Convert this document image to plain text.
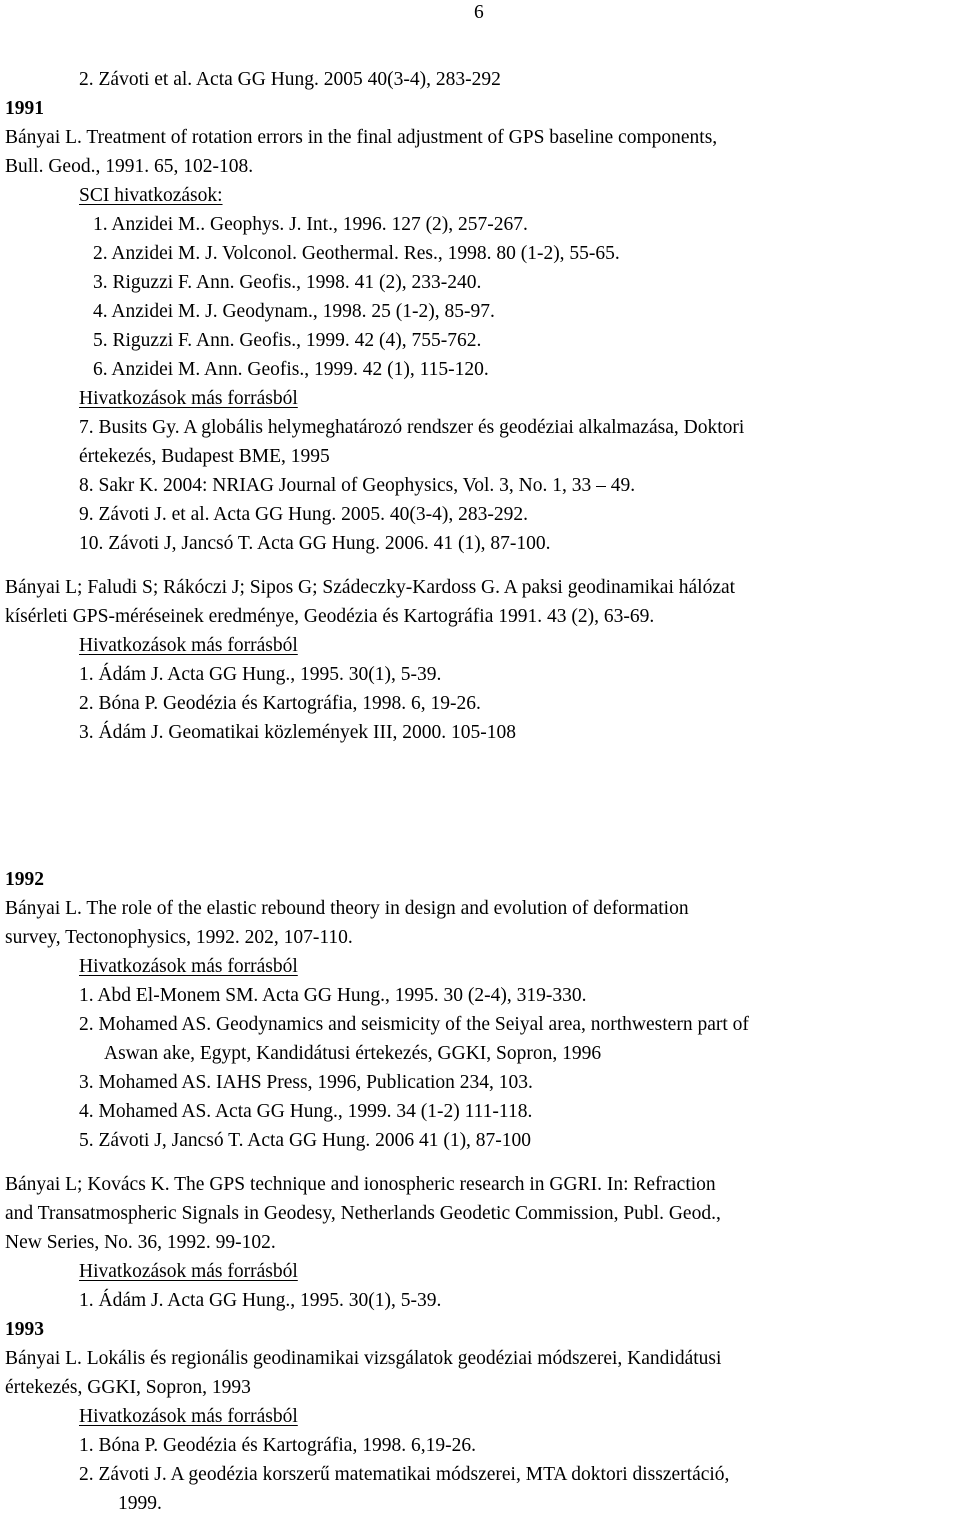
6
2. Závoti et al. Acta GG Hung. 2005 40(3-4), 283-292
1991
Bányai L. Treatment of rotation errors in the final adjustment of GPS baseline components,
Bull. Geod., 1991. 65, 102-108.
SCI hivatkozások:
1. Anzidei M.. Geophys. J. Int., 1996. 127 (2), 257-267.
2. Anzidei M. J. Volconol. Geothermal. Res., 1998. 80 (1-2), 55-65.
3. Riguzzi F. Ann. Geofis., 1998. 41 (2), 233-240.
4. Anzidei M. J. Geodynam., 1998. 25 (1-2), 85-97.
5. Riguzzi F. Ann. Geofis., 1999. 42 (4), 755-762.
6. Anzidei M. Ann. Geofis., 1999. 42 (1), 115-120.
Hivatkozások más forrásból
7. Busits Gy. A globális helymeghatározó rendszer és geodéziai alkalmazása, Doktori
értekezés, Budapest BME, 1995
8. Sakr K. 2004: NRIAG Journal of Geophysics, Vol. 3, No. 1, 33 – 49.
9. Závoti J. et al. Acta GG Hung. 2005. 40(3-4), 283-292.
10. Závoti J, Jancsó T. Acta GG Hung. 2006. 41 (1), 87-100.
Bányai L; Faludi S; Rákóczi J; Sipos G; Szádeczky-Kardoss G. A paksi geodinamikai hálózat
kísérleti GPS-méréseinek eredménye, Geodézia és Kartográfia 1991. 43 (2), 63-69.
Hivatkozások más forrásból
1. Ádám J. Acta GG Hung., 1995. 30(1), 5-39.
2. Bóna P. Geodézia és Kartográfia, 1998. 6, 19-26.
3. Ádám J. Geomatikai közlemények III, 2000. 105-108
1992
Bányai L. The role of the elastic rebound theory in design and evolution of deformation
survey, Tectonophysics, 1992. 202, 107-110.
Hivatkozások más forrásból
1. Abd El-Monem SM. Acta GG Hung., 1995. 30 (2-4), 319-330.
2. Mohamed AS. Geodynamics and seismicity of the Seiyal area, northwestern part of
Aswan ake, Egypt, Kandidátusi értekezés, GGKI, Sopron, 1996
3. Mohamed AS. IAHS Press, 1996, Publication 234, 103.
4. Mohamed AS. Acta GG Hung., 1999. 34 (1-2) 111-118.
5. Závoti J, Jancsó T. Acta GG Hung. 2006 41 (1), 87-100
Bányai L; Kovács K. The GPS technique and ionospheric research in GGRI. In: Refraction
and Transatmospheric Signals in Geodesy, Netherlands Geodetic Commission, Publ. Geod.,
New Series, No. 36, 1992. 99-102.
Hivatkozások más forrásból
1. Ádám J. Acta GG Hung., 1995. 30(1), 5-39.
1993
Bányai L. Lokális és regionális geodinamikai vizsgálatok geodéziai módszerei, Kandidátusi
értekezés, GGKI, Sopron, 1993
Hivatkozások más forrásból
1. Bóna P. Geodézia és Kartográfia, 1998. 6,19-26.
2. Závoti J. A geodézia korszerű matematikai módszerei, MTA doktori disszertáció,
1999.
